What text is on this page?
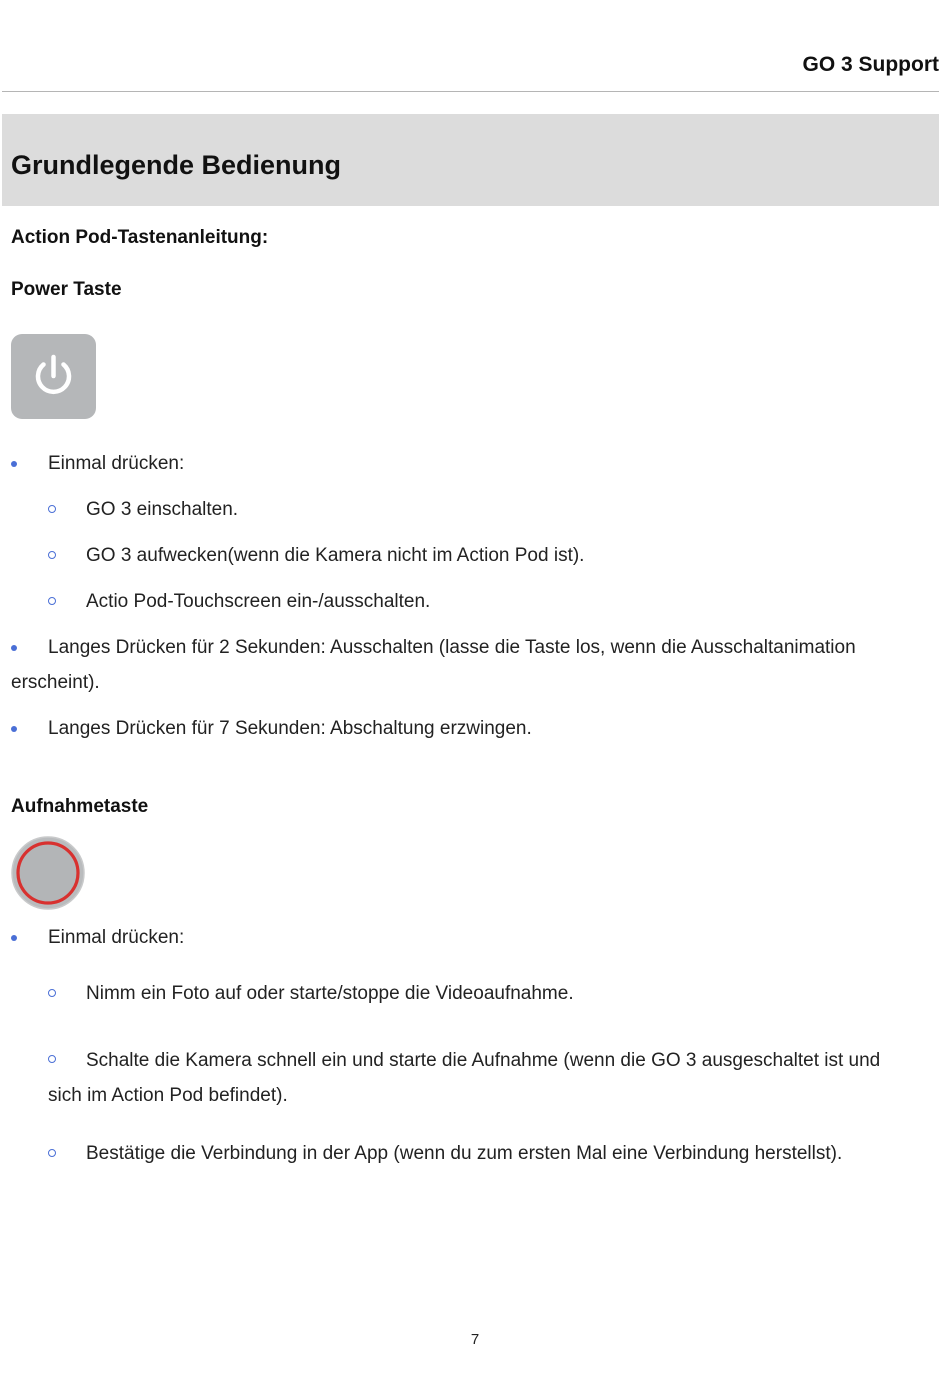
GO 3 Support
Grundlegende Bedienung
Action Pod-Tastenanleitung:
Power Taste
Einmal drücken:
GO 3 einschalten.
GO 3 aufwecken(wenn die Kamera nicht im Action Pod ist).
Actio Pod-Touchscreen ein-/ausschalten.
Langes Drücken für 2 Sekunden: Ausschalten (lasse die Taste los, wenn die Ausschaltanimation erscheint).
Langes Drücken für 7 Sekunden: Abschaltung erzwingen.
Aufnahmetaste
Einmal drücken:
Nimm ein Foto auf oder starte/stoppe die Videoaufnahme.
Schalte die Kamera schnell ein und starte die Aufnahme (wenn die GO 3 ausgeschaltet ist und sich im Action Pod befindet).
Bestätige die Verbindung in der App (wenn du zum ersten Mal eine Verbindung herstellst).
7
